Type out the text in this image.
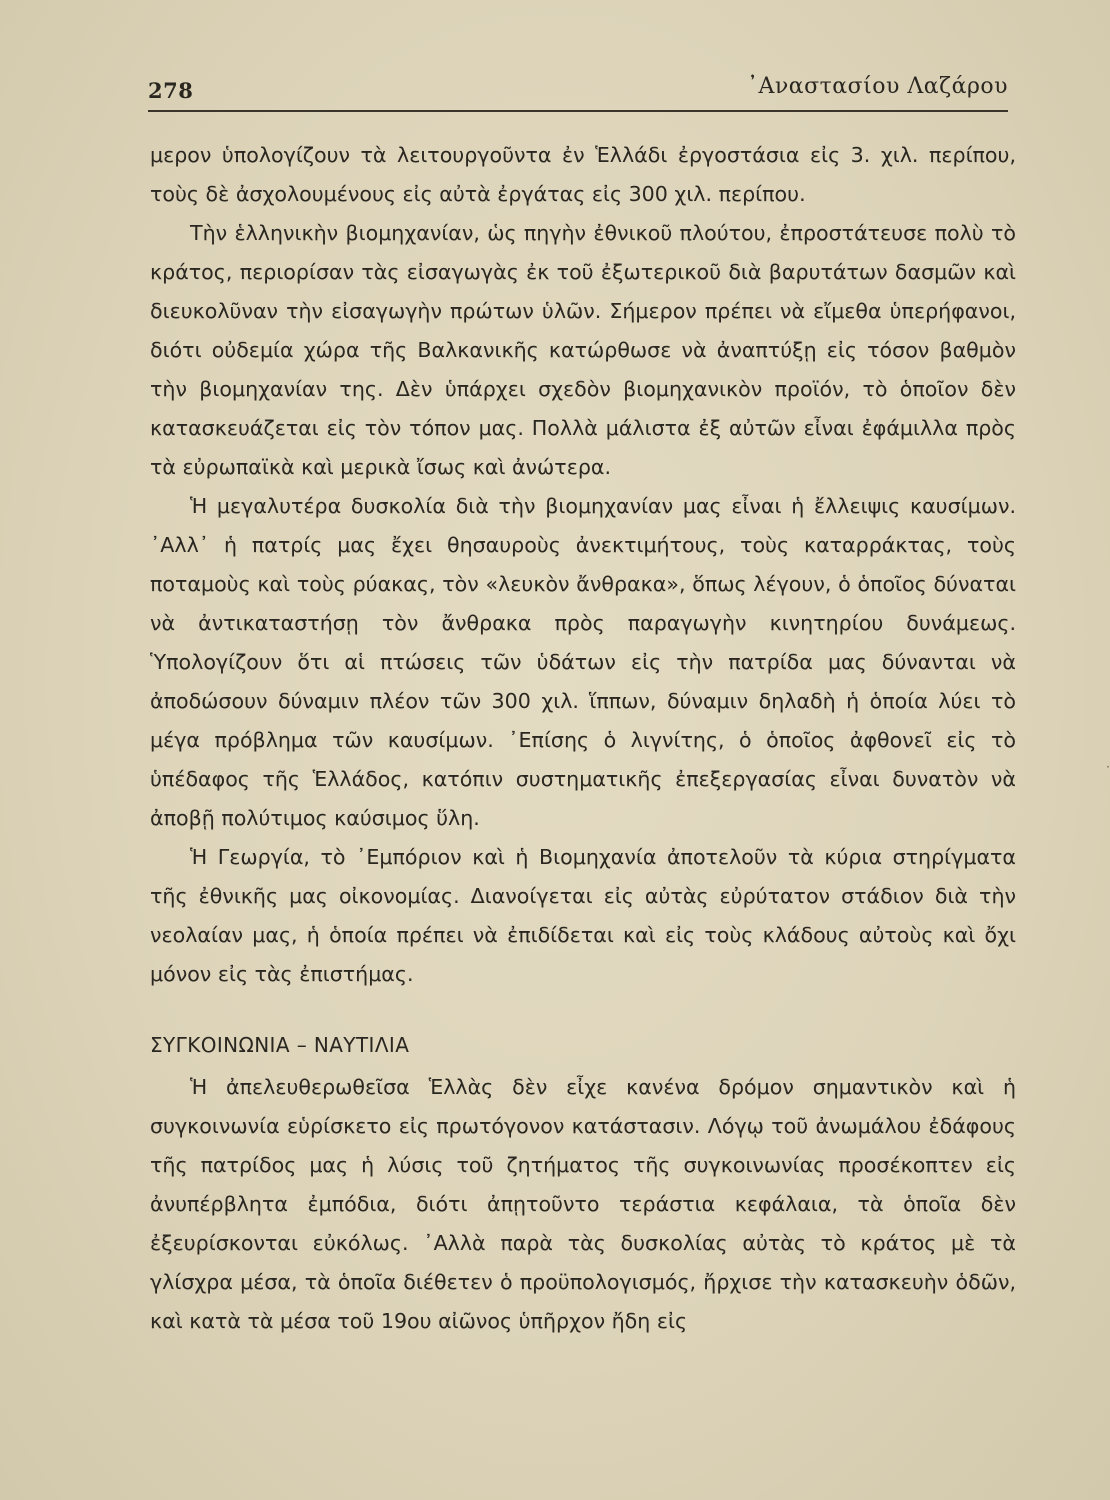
278	᾽Αναστασίου Λαζάρου

μερον ὑπολογίζουν τὰ λειτουργοῦντα ἐν Ἑλλάδι ἐργοστάσια εἰς 3. χιλ. περίπου, τοὺς δὲ ἀσχολουμένους εἰς αὐτὰ ἐργάτας εἰς 300 χιλ. περίπου.

Τὴν ἑλληνικὴν βιομηχανίαν, ὡς πηγὴν ἐθνικοῦ πλούτου, ἐπροστάτευσε πολὺ τὸ κράτος, περιορίσαν τὰς εἰσαγωγὰς ἐκ τοῦ ἐξωτερικοῦ διὰ βαρυτάτων δασμῶν καὶ διευκολῦναν τὴν εἰσαγωγὴν πρώτων ὑλῶν. Σήμερον πρέπει νὰ εἴμεθα ὑπερήφανοι, διότι οὐδεμία χώρα τῆς Βαλκανικῆς κατώρθωσε νὰ ἀναπτύξῃ εἰς τόσον βαθμὸν τὴν βιομηχανίαν της. Δὲν ὑπάρχει σχεδὸν βιομηχανικὸν προϊόν, τὸ ὁποῖον δὲν κατασκευάζεται εἰς τὸν τόπον μας. Πολλὰ μάλιστα ἐξ αὐτῶν εἶναι ἐφάμιλλα πρὸς τὰ εὐρωπαϊκὰ καὶ μερικὰ ἴσως καὶ ἀνώτερα.

Ἡ μεγαλυτέρα δυσκολία διὰ τὴν βιομηχανίαν μας εἶναι ἡ ἔλλειψις καυσίμων. ᾿Αλλ᾿ ἡ πατρίς μας ἔχει θησαυροὺς ἀνεκτιμήτους, τοὺς καταρράκτας, τοὺς ποταμοὺς καὶ τοὺς ρύακας, τὸν «λευκὸν ἄνθρακα», ὅπως λέγουν, ὁ ὁποῖος δύναται νὰ ἀντικαταστήσῃ τὸν ἄνθρακα πρὸς παραγωγὴν κινητηρίου δυνάμεως. Ὑπολογίζουν ὅτι αἱ πτώσεις τῶν ὑδάτων εἰς τὴν πατρίδα μας δύνανται νὰ ἀποδώσουν δύναμιν πλέον τῶν 300 χιλ. ἵππων, δύναμιν δηλαδὴ ἡ ὁποία λύει τὸ μέγα πρόβλημα τῶν καυσίμων. ᾿Επίσης ὁ λιγνίτης, ὁ ὁποῖος ἀφθονεῖ εἰς τὸ ὑπέδαφος τῆς Ἑλλάδος, κατόπιν συστηματικῆς ἐπεξεργασίας εἶναι δυνατὸν νὰ ἀποβῇ πολύτιμος καύσιμος ὕλη.

Ἡ Γεωργία, τὸ ᾿Εμπόριον καὶ ἡ Βιομηχανία ἀποτελοῦν τὰ κύρια στηρίγματα τῆς ἐθνικῆς μας οἰκονομίας. Διανοίγεται εἰς αὐτὰς εὐρύτατον στάδιον διὰ τὴν νεολαίαν μας, ἡ ὁποία πρέπει νὰ ἐπιδίδεται καὶ εἰς τοὺς κλάδους αὐτοὺς καὶ ὄχι μόνον εἰς τὰς ἐπιστήμας.

ΣΥΓΚΟΙΝΩΝΙΑ – ΝΑΥΤΙΛΙΑ

Ἡ ἀπελευθερωθεῖσα Ἑλλὰς δὲν εἶχε κανένα δρόμον σημαντικὸν καὶ ἡ συγκοινωνία εὑρίσκετο εἰς πρωτόγονον κατάστασιν. Λόγῳ τοῦ ἀνωμάλου ἐδάφους τῆς πατρίδος μας ἡ λύσις τοῦ ζητήματος τῆς συγκοινωνίας προσέκοπτεν εἰς ἀνυπέρβλητα ἐμπόδια, διότι ἀπῃτοῦντο τεράστια κεφάλαια, τὰ ὁποῖα δὲν ἐξευρίσκονται εὐκόλως. ᾿Αλλὰ παρὰ τὰς δυσκολίας αὐτὰς τὸ κράτος μὲ τὰ γλίσχρα μέσα, τὰ ὁποῖα διέθετεν ὁ προϋπολογισμός, ἤρχισε τὴν κατασκευὴν ὁδῶν, καὶ κατὰ τὰ μέσα τοῦ 19ου αἰῶνος ὑπῆρχον ἤδη εἰς

·
